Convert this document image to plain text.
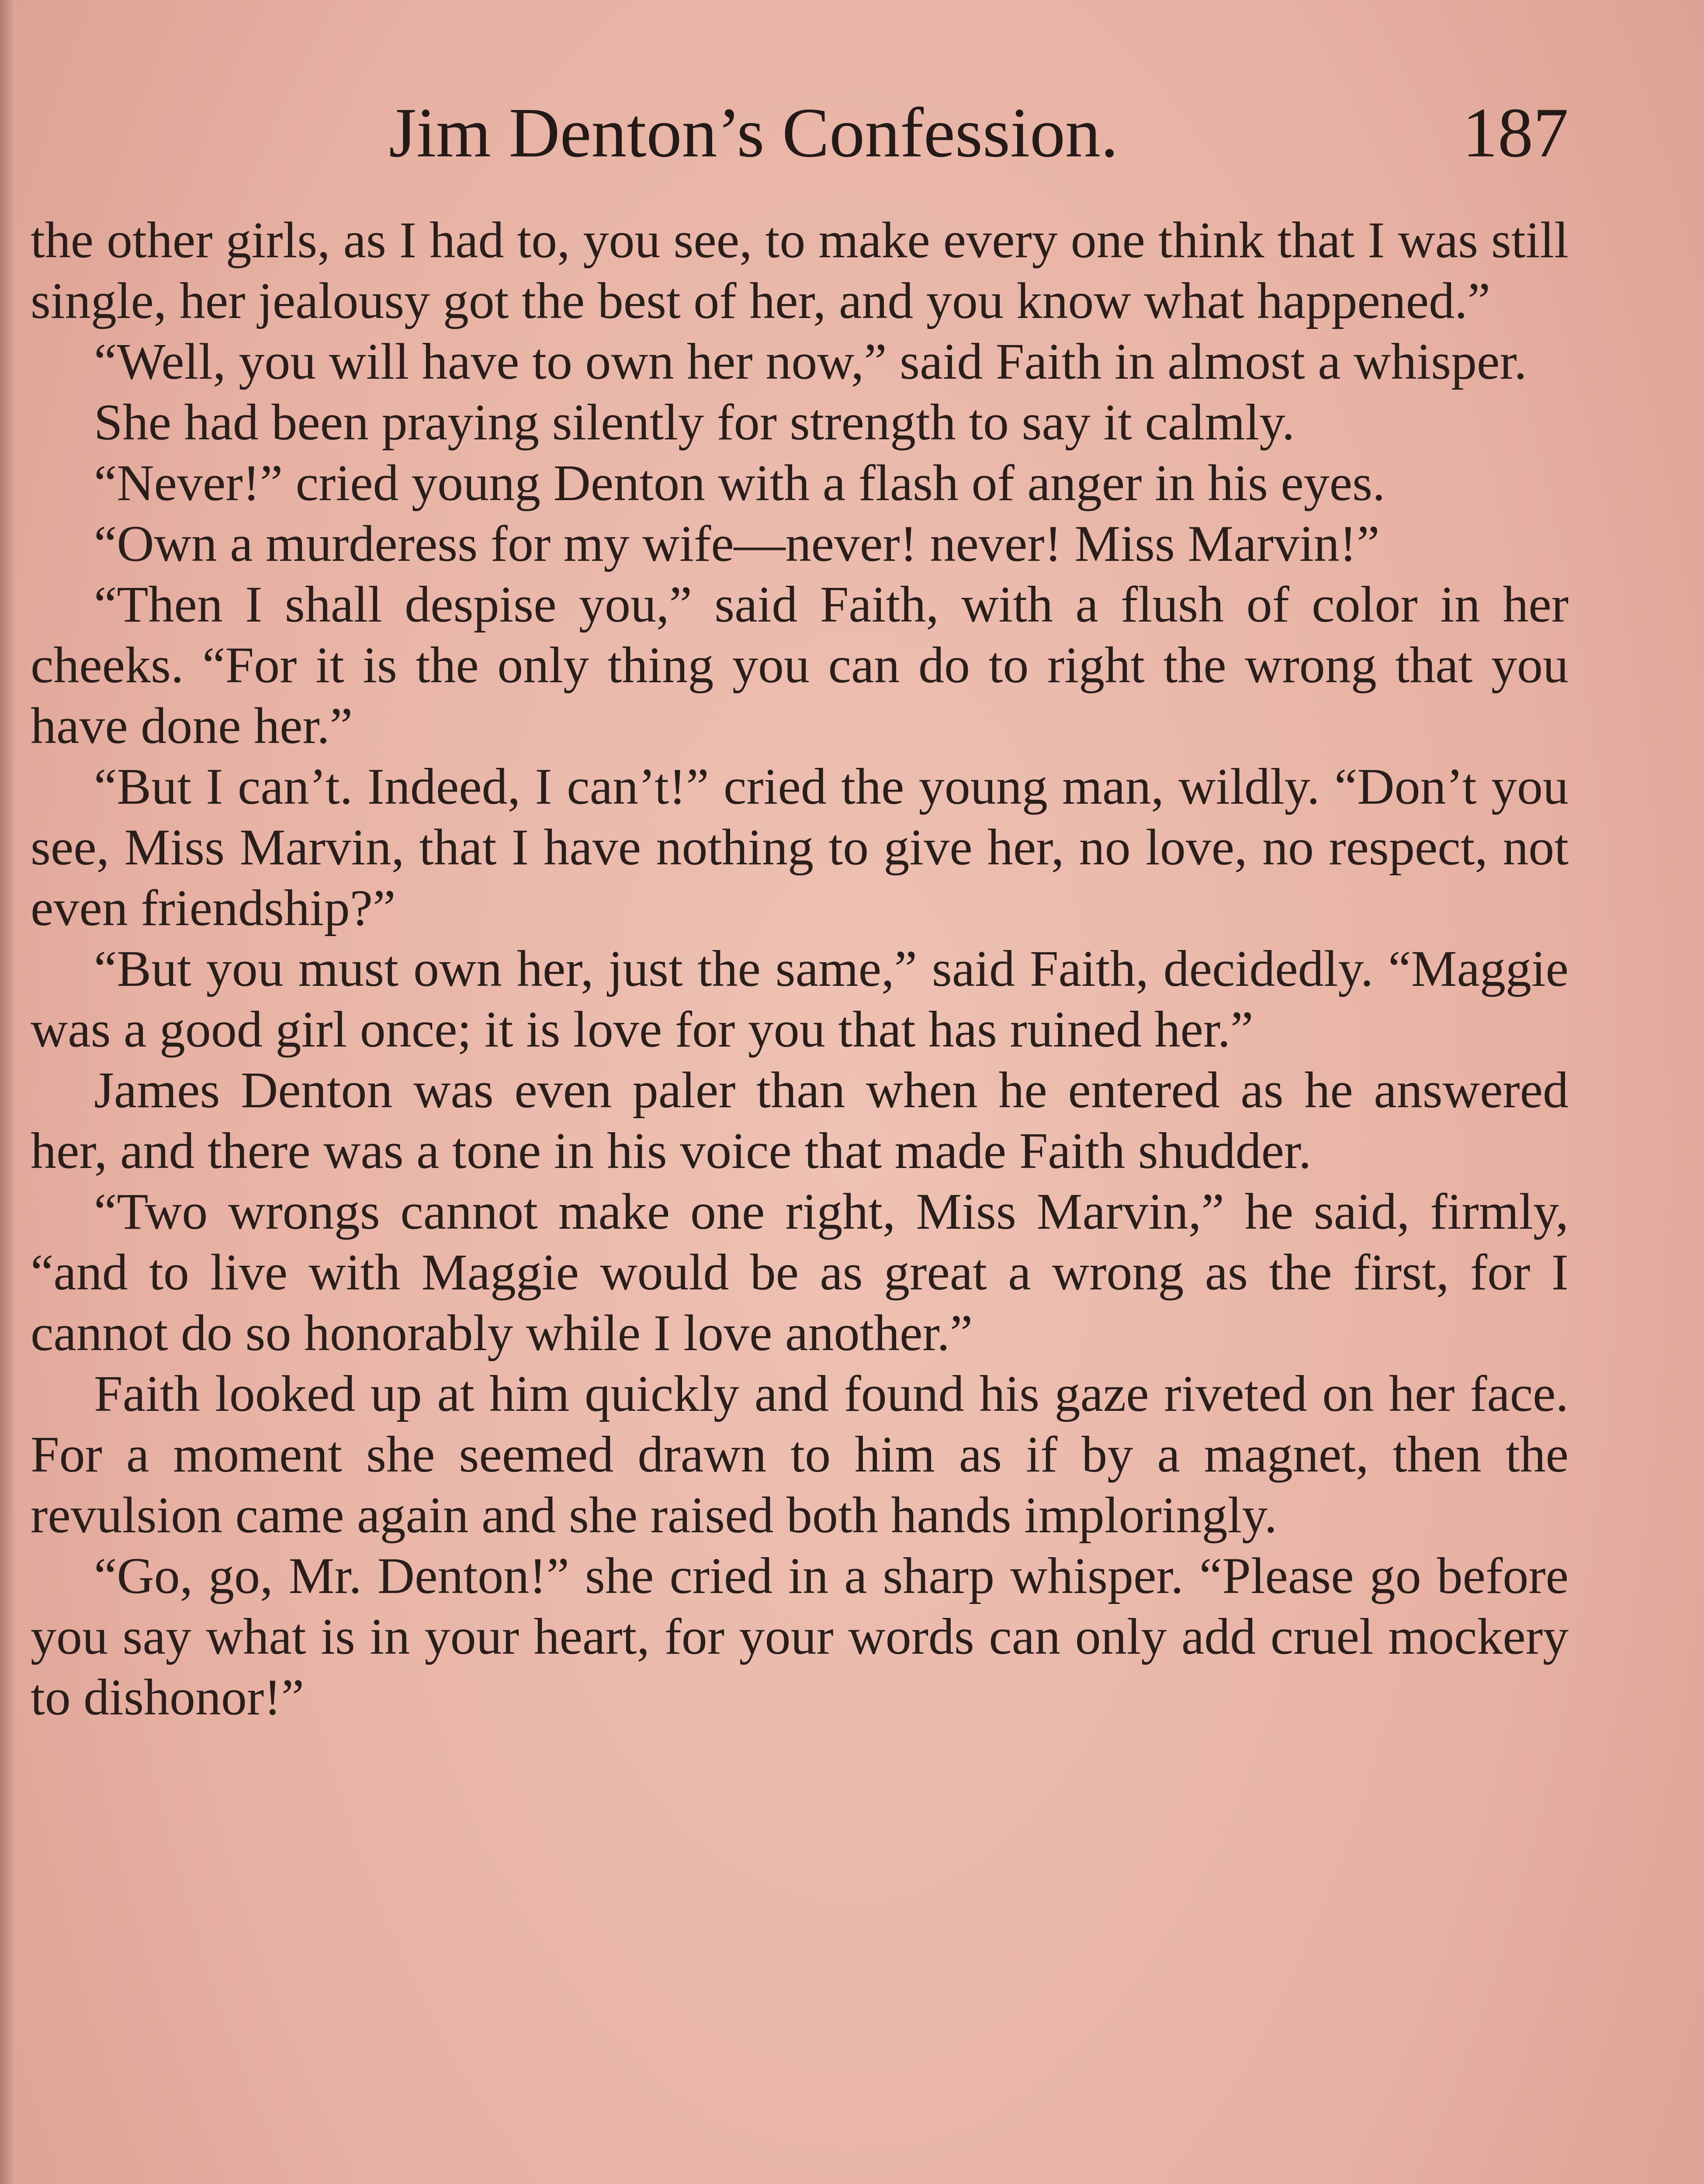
Jim Denton’s Confession.	187

the other girls, as I had to, you see, to make every one think that I was still single, her jealousy got the best of her, and you know what happened.”

“Well, you will have to own her now,” said Faith in almost a whisper.

She had been praying silently for strength to say it calmly.

“Never!” cried young Denton with a flash of anger in his eyes.

“Own a murderess for my wife—never! never! Miss Marvin!”

“Then I shall despise you,” said Faith, with a flush of color in her cheeks. “For it is the only thing you can do to right the wrong that you have done her.”

“But I can’t. Indeed, I can’t!” cried the young man, wildly. “Don’t you see, Miss Marvin, that I have nothing to give her, no love, no respect, not even friendship?”

“But you must own her, just the same,” said Faith, decidedly. “Maggie was a good girl once; it is love for you that has ruined her.”

James Denton was even paler than when he entered as he answered her, and there was a tone in his voice that made Faith shudder.

“Two wrongs cannot make one right, Miss Marvin,” he said, firmly, “and to live with Maggie would be as great a wrong as the first, for I cannot do so honorably while I love another.”

Faith looked up at him quickly and found his gaze riveted on her face. For a moment she seemed drawn to him as if by a magnet, then the revulsion came again and she raised both hands imploringly.

“Go, go, Mr. Denton!” she cried in a sharp whisper. “Please go before you say what is in your heart, for your words can only add cruel mockery to dishonor!”
